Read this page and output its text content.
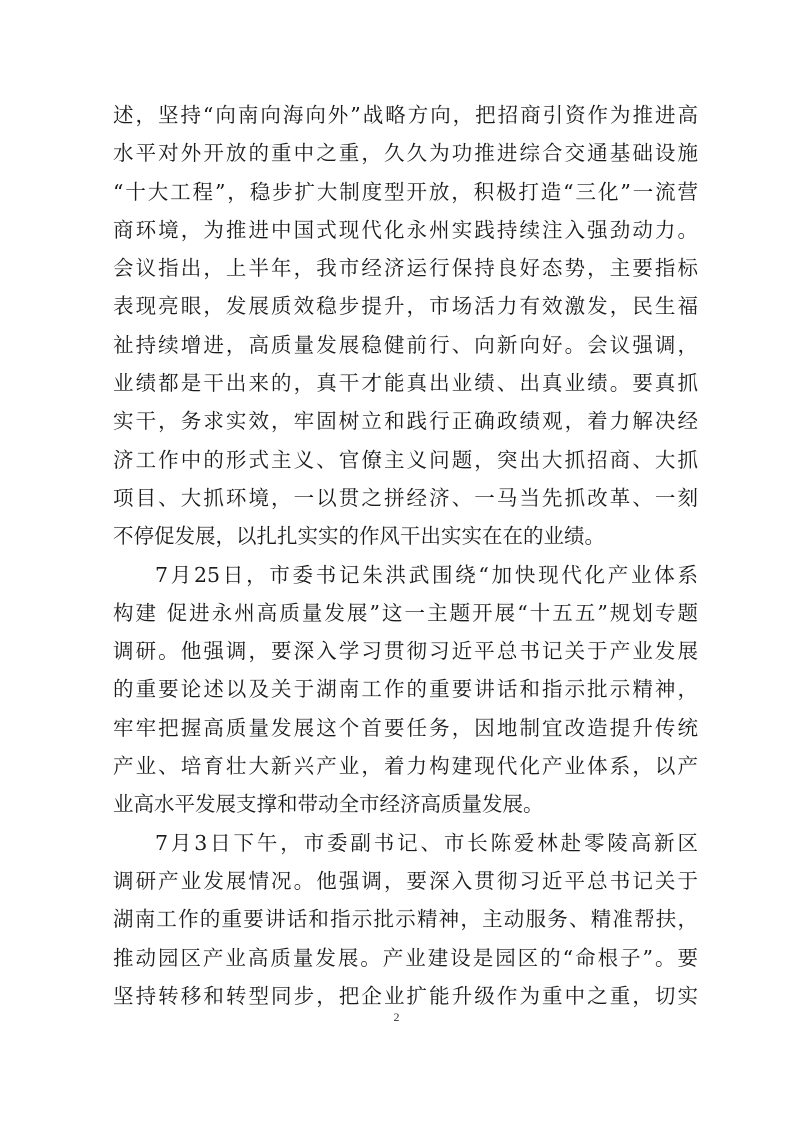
述，坚持“向南向海向外”战略方向，把招商引资作为推进高
水平对外开放的重中之重，久久为功推进综合交通基础设施
“十大工程”，稳步扩大制度型开放，积极打造“三化”一流营
商环境，为推进中国式现代化永州实践持续注入强劲动力。
会议指出，上半年，我市经济运行保持良好态势，主要指标
表现亮眼，发展质效稳步提升，市场活力有效激发，民生福
祉持续增进，高质量发展稳健前行、向新向好。会议强调，
业绩都是干出来的，真干才能真出业绩、出真业绩。要真抓
实干，务求实效，牢固树立和践行正确政绩观，着力解决经
济工作中的形式主义、官僚主义问题，突出大抓招商、大抓
项目、大抓环境，一以贯之拼经济、一马当先抓改革、一刻
不停促发展，以扎扎实实的作风干出实实在在的业绩。
7月25日，市委书记朱洪武围绕“加快现代化产业体系
构建 促进永州高质量发展”这一主题开展“十五五”规划专题
调研。他强调，要深入学习贯彻习近平总书记关于产业发展
的重要论述以及关于湖南工作的重要讲话和指示批示精神，
牢牢把握高质量发展这个首要任务，因地制宜改造提升传统
产业、培育壮大新兴产业，着力构建现代化产业体系，以产
业高水平发展支撑和带动全市经济高质量发展。
7月3日下午，市委副书记、市长陈爱林赴零陵高新区
调研产业发展情况。他强调，要深入贯彻习近平总书记关于
湖南工作的重要讲话和指示批示精神，主动服务、精准帮扶，
推动园区产业高质量发展。产业建设是园区的“命根子”。要
坚持转移和转型同步，把企业扩能升级作为重中之重，切实
2
